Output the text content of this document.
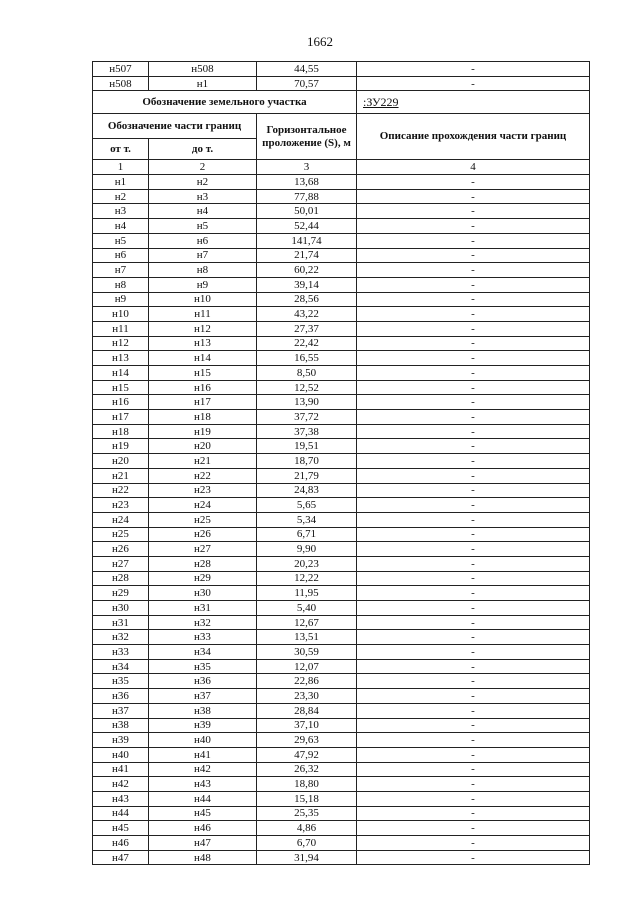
1662
н507	н508	44,55	-
н508	н1	70,57	-
Обозначение земельного участка			:ЗУ229
Обозначение части границ		Горизонтальное проложение (S), м	Описание прохождения части границ
от т.	до т.		
1	2	3	4
н1	н2	13,68	-
н2	н3	77,88	-
н3	н4	50,01	-
н4	н5	52,44	-
н5	н6	141,74	-
н6	н7	21,74	-
н7	н8	60,22	-
н8	н9	39,14	-
н9	н10	28,56	-
н10	н11	43,22	-
н11	н12	27,37	-
н12	н13	22,42	-
н13	н14	16,55	-
н14	н15	8,50	-
н15	н16	12,52	-
н16	н17	13,90	-
н17	н18	37,72	-
н18	н19	37,38	-
н19	н20	19,51	-
н20	н21	18,70	-
н21	н22	21,79	-
н22	н23	24,83	-
н23	н24	5,65	-
н24	н25	5,34	-
н25	н26	6,71	-
н26	н27	9,90	-
н27	н28	20,23	-
н28	н29	12,22	-
н29	н30	11,95	-
н30	н31	5,40	-
н31	н32	12,67	-
н32	н33	13,51	-
н33	н34	30,59	-
н34	н35	12,07	-
н35	н36	22,86	-
н36	н37	23,30	-
н37	н38	28,84	-
н38	н39	37,10	-
н39	н40	29,63	-
н40	н41	47,92	-
н41	н42	26,32	-
н42	н43	18,80	-
н43	н44	15,18	-
н44	н45	25,35	-
н45	н46	4,86	-
н46	н47	6,70	-
н47	н48	31,94	-
